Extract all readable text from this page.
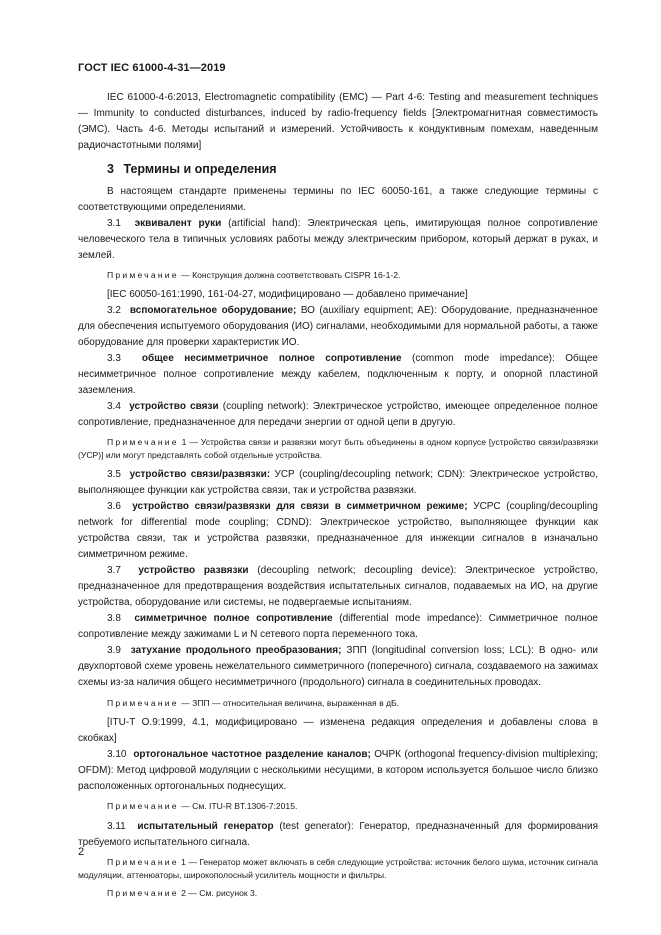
ГОСТ IEC 61000-4-31—2019

IEC 61000-4-6:2013, Electromagnetic compatibility (EMC) — Part 4-6: Testing and measurement techniques — Immunity to conducted disturbances, induced by radio-frequency fields [Электромагнитная совместимость (ЭМС). Часть 4-6. Методы испытаний и измерений. Устойчивость к кондуктивным помехам, наведенным радиочастотными полями]

3 Термины и определения

В настоящем стандарте применены термины по IEC 60050-161, а также следующие термины с соответствующими определениями.

3.1 эквивалент руки (artificial hand): Электрическая цепь, имитирующая полное сопротивление человеческого тела в типичных условиях работы между электрическим прибором, который держат в руках, и землей.

Примечание — Конструкция должна соответствовать CISPR 16-1-2.

[IEC 60050-161:1990, 161-04-27, модифицировано — добавлено примечание]

3.2 вспомогательное оборудование; ВО (auxiliary equipment; AE): Оборудование, предназначенное для обеспечения испытуемого оборудования (ИО) сигналами, необходимыми для нормальной работы, а также оборудование для проверки характеристик ИО.

3.3 общее несимметричное полное сопротивление (common mode impedance): Общее несимметричное полное сопротивление между кабелем, подключенным к порту, и опорной пластиной заземления.

3.4 устройство связи (coupling network): Электрическое устройство, имеющее определенное полное сопротивление, предназначенное для передачи энергии от одной цепи в другую.

Примечание 1 — Устройства связи и развязки могут быть объединены в одном корпусе [устройство связи/развязки (УСР)] или могут представлять собой отдельные устройства.

3.5 устройство связи/развязки: УСР (coupling/decoupling network; CDN): Электрическое устройство, выполняющее функции как устройства связи, так и устройства развязки.

3.6 устройство связи/развязки для связи в симметричном режиме; УСРС (coupling/decoupling network for differential mode coupling; CDND): Электрическое устройство, выполняющее функции как устройства связи, так и устройства развязки, предназначенное для инжекции сигналов в изначально симметричном режиме.

3.7 устройство развязки (decoupling network; decoupling device): Электрическое устройство, предназначенное для предотвращения воздействия испытательных сигналов, подаваемых на ИО, на другие устройства, оборудование или системы, не подвергаемые испытаниям.

3.8 симметричное полное сопротивление (differential mode impedance): Симметричное полное сопротивление между зажимами L и N сетевого порта переменного тока.

3.9 затухание продольного преобразования; ЗПП (longitudinal conversion loss; LCL): В одно- или двухпортовой схеме уровень нежелательного симметричного (поперечного) сигнала, создаваемого на зажимах схемы из-за наличия общего несимметричного (продольного) сигнала в соединительных проводах.

Примечание — ЗПП — относительная величина, выраженная в дБ.

[ITU-T O.9:1999, 4.1, модифицировано — изменена редакция определения и добавлены слова в скобках]

3.10 ортогональное частотное разделение каналов; ОЧРК (orthogonal frequency-division multiplexing; OFDM): Метод цифровой модуляции с несколькими несущими, в котором используется большое число близко расположенных ортогональных поднесущих.

Примечание — См. ITU-R BT.1306-7:2015.

3.11 испытательный генератор (test generator): Генератор, предназначенный для формирования требуемого испытательного сигнала.

Примечание 1 — Генератор может включать в себя следующие устройства: источник белого шума, источник сигнала модуляции, аттенюаторы, широкополосный усилитель мощности и фильтры.

Примечание 2 — См. рисунок 3.

2
